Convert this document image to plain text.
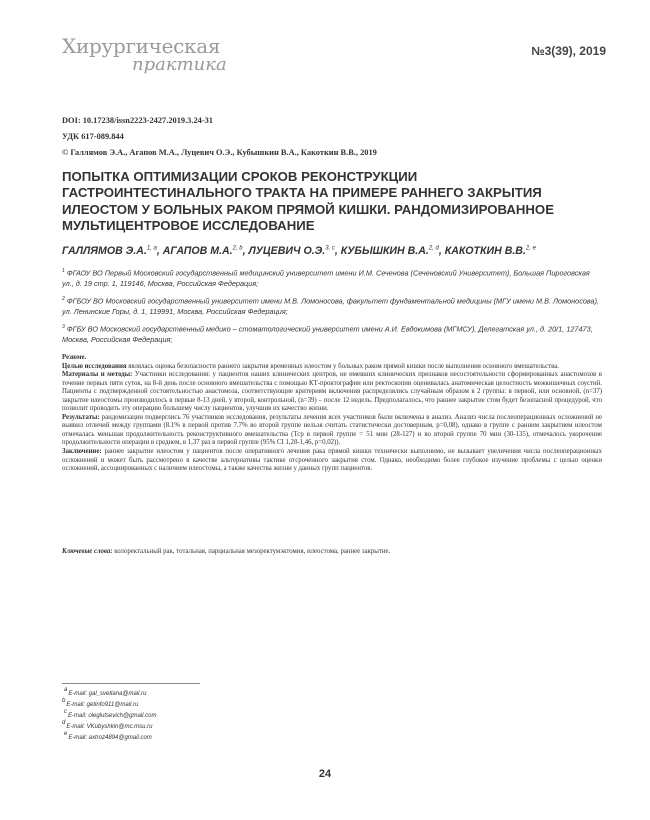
Хирургическая
практика
№3(39), 2019
DOI: 10.17238/issn2223-2427.2019.3.24-31
УДК 617-089.844
© Галлямов Э.А., Агапов М.А., Луцевич О.Э., Кубышкин В.А., Какоткин В.В., 2019
ПОПЫТКА ОПТИМИЗАЦИИ СРОКОВ РЕКОНСТРУКЦИИ ГАСТРОИНТЕСТИНАЛЬНОГО ТРАКТА НА ПРИМЕРЕ РАННЕГО ЗАКРЫТИЯ ИЛЕОСТОМ У БОЛЬНЫХ РАКОМ ПРЯМОЙ КИШКИ. РАНДОМИЗИРОВАННОЕ МУЛЬТИЦЕНТРОВОЕ ИССЛЕДОВАНИЕ
ГАЛЛЯМОВ Э.А.$^{1, a}$, АГАПОВ М.А.$^{2, b}$, ЛУЦЕВИЧ О.Э.$^{3, c}$, КУБЫШКИН В.А.$^{2, d}$, КАКОТКИН В.В.$^{2, e}$
$^1$ ФГАОУ ВО Первый Московский государственный медицинский университет имени И.М. Сеченова (Сеченовский Университет), Большая Пироговская ул., д. 19 стр. 1, 119146, Москва, Российская Федерация;
$^2$ ФГБОУ ВО Московский государственный университет имени М.В. Ломоносова, факультет фундаментальной медицины (МГУ имени М.В. Ломоносова), ул. Ленинские Горы, д. 1, 119991, Москва, Российская Федерация;
$^3$ ФГБУ ВО Московский государственный медико – стоматологический университет имени А.И. Евдокимова (МГМСУ), Делегатская ул., д. 20/1, 127473, Москва, Российская Федерация;

Резюме.

Целью исследования являлась оценка безопасности раннего закрытия временных илеостом у больных раком прямой кишки после выполнения основного вмешательства.

Материалы и методы: Участники исследования: у пациентов наших клинических центров, не имевших клинических признаков несостоятельности сформированных анастомозов в течение первых пяти суток, на 8-й день после основного вмешательства с помощью КТ-проктографии или ректоскопии оценивалась анатомическая целостность межкишечных соустий. Пациенты с подтвержденной состоятельностью анастомоза, соответствующие критериям включения распределялись случайным образом в 2 группы: в первой, или основной, (n=37) закрытие илеостомы производилось в первые 8-13 дней, у второй, контрольной, (n=39) – после 12 недель. Предполагалось, что раннее закрытие стом будет безопасной процедурой, что позволит проводить эту операцию большему числу пациентов, улучшив их качество жизни.

Результаты: рандомизации подверглись 76 участников исследования, результаты лечения всех участников были включены в анализ. Анализ числа послеоперационных осложнений не выявил отличий между группами (8.1% в первой против 7.7% во второй группе нельзя считать статистически достоверным, p=0,08), однако в группе с ранним закрытием илеостом отмечалась меньшая продолжительность реконструктивного вмешательства (Тср в первой группе = 51 мин (28-127) и во второй группе 70 мин (30-135), отмечалось укорочение продолжительности операции в среднем, в 1,37 раз в первой группе (95% CI 1,28-1,46, p=0,02)).

Заключение: раннее закрытие илеостом у пациентов после оперативного лечения рака прямой кишки технически выполнимо, не вызывает увеличения числа послеоперационных осложнений и может быть рассмотрено в качестве альтернативы тактике отсроченного закрытия стом. Однако, необходимо более глубокое изучение проблемы с целью оценки осложнений, ассоциированных с наличием илеостомы, а также качества жизни у данных групп пациентов.

Ключевые слова: колоректальный рак, тотальная, парциальная мезоректумэктомия, илеостома, раннее закрытие.
$^a$E-mail: gal_svetlana@mail.ru
$^b$E-mail: getinfo911@mail.ru
$^c$E-mail: oleglutsevich@gmail.com
$^d$E-mail: VKubyshkin@mc.msu.ru
$^e$E-mail: axtroz4894@gmail.com
24
